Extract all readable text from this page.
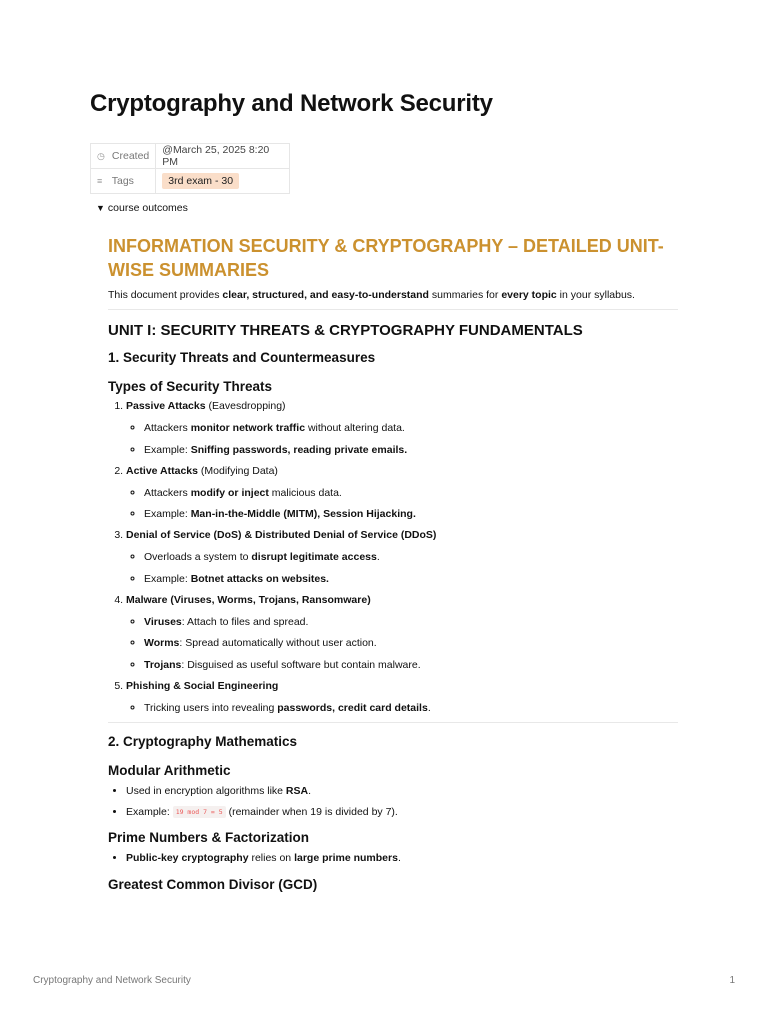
Cryptography and Network Security
◷ Created	@March 25, 2025 8:20 PM
≡ Tags	3rd exam - 30
▼ course outcomes
INFORMATION SECURITY & CRYPTOGRAPHY – DETAILED UNIT-WISE SUMMARIES

This document provides clear, structured, and easy-to-understand summaries for every topic in your syllabus.

UNIT I: SECURITY THREATS & CRYPTOGRAPHY FUNDAMENTALS
1. Security Threats and Countermeasures
Types of Security Threats
1. Passive Attacks (Eavesdropping)
◦ Attackers monitor network traffic without altering data.
◦ Example: Sniffing passwords, reading private emails.
2. Active Attacks (Modifying Data)
◦ Attackers modify or inject malicious data.
◦ Example: Man-in-the-Middle (MITM), Session Hijacking.
3. Denial of Service (DoS) & Distributed Denial of Service (DDoS)
◦ Overloads a system to disrupt legitimate access.
◦ Example: Botnet attacks on websites.
4. Malware (Viruses, Worms, Trojans, Ransomware)
◦ Viruses: Attach to files and spread.
◦ Worms: Spread automatically without user action.
◦ Trojans: Disguised as useful software but contain malware.
5. Phishing & Social Engineering
◦ Tricking users into revealing passwords, credit card details.
2. Cryptography Mathematics
Modular Arithmetic
• Used in encryption algorithms like RSA.
• Example: 19 mod 7 = 5 (remainder when 19 is divided by 7).
Prime Numbers & Factorization
• Public-key cryptography relies on large prime numbers.
Greatest Common Divisor (GCD)
Cryptography and Network Security	1
